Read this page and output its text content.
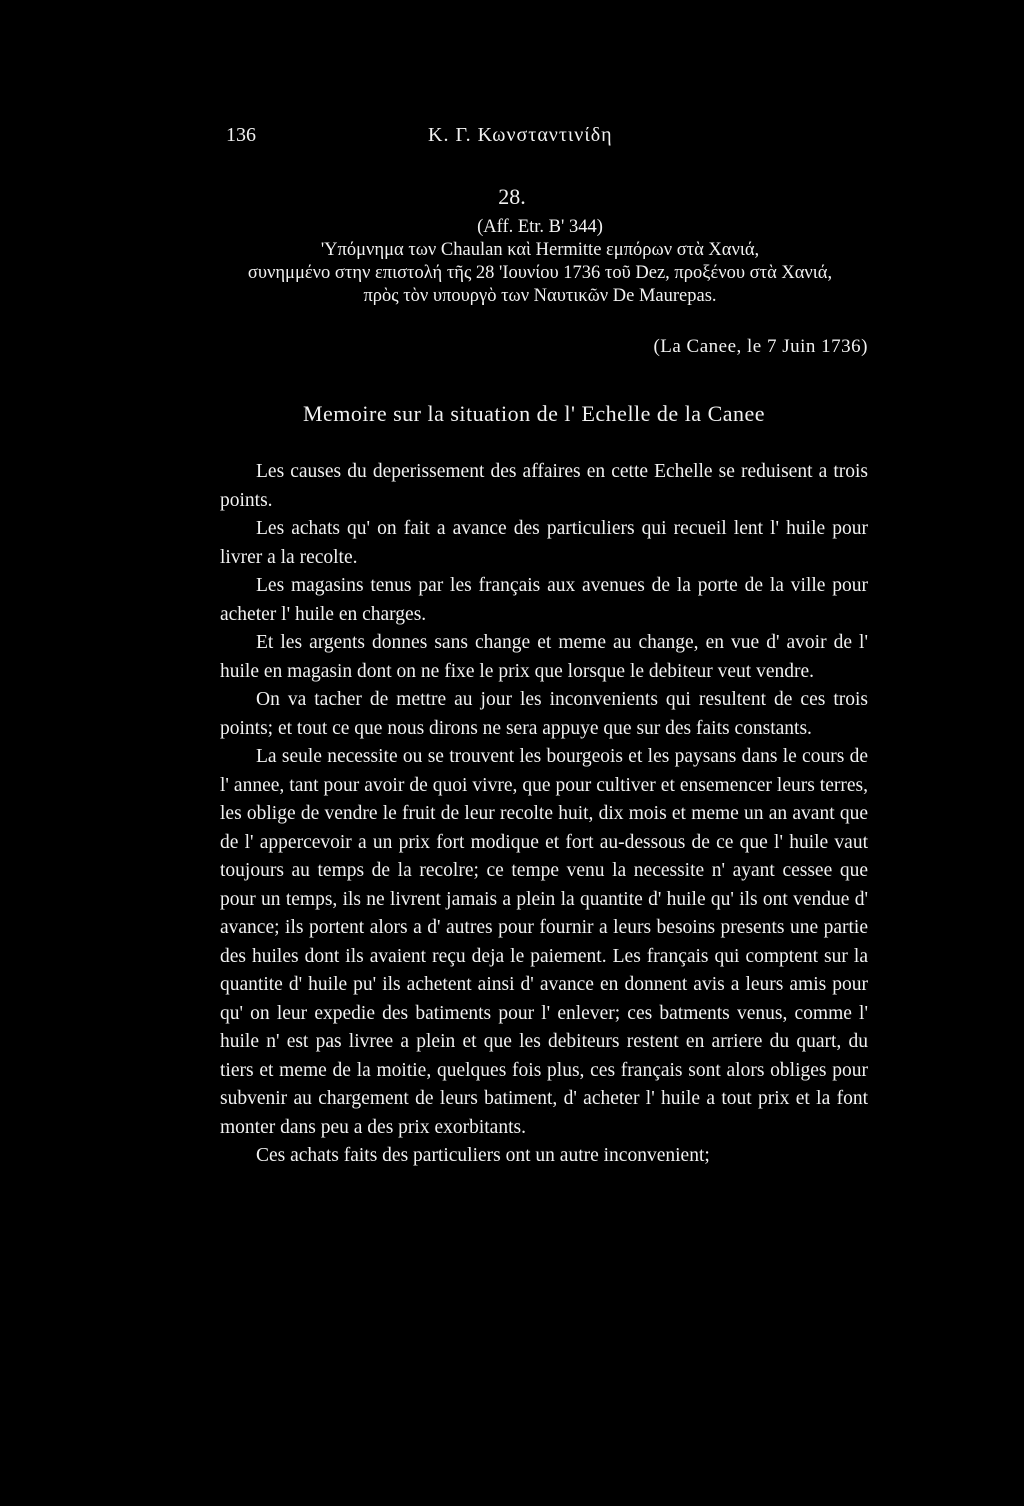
136	Κ. Γ. Κωνσταντινίδη
28.
(Aff. Etr. B' 344)
'Υπόμνημα των Chaulan καὶ Hermitte εμπόρων στὰ Χανιά,
συνημμένο στην επιστολή τῆς 28 'Ιουνίου 1736 τοῦ Dez, προξένου στὰ Χανιά,
πρὸς τὸν υπουργὸ των Ναυτικῶν De Maurepas.
(La Canee, le 7 Juin 1736)
Memoire sur la situation de l' Echelle de la Canee

Les causes du deperissement des affaires en cette Echelle se reduisent a trois points.

Les achats qu' on fait a avance des particuliers qui recueil lent l' huile pour livrer a la recolte.

Les magasins tenus par les français aux avenues de la porte de la ville pour acheter l' huile en charges.

Et les argents donnes sans change et meme au change, en vue d' avoir de l' huile en magasin dont on ne fixe le prix que lorsque le debiteur veut vendre.

On va tacher de mettre au jour les inconvenients qui resultent de ces trois points; et tout ce que nous dirons ne sera appuye que sur des faits constants.

La seule necessite ou se trouvent les bourgeois et les paysans dans le cours de l' annee, tant pour avoir de quoi vivre, que pour cultiver et ensemencer leurs terres, les oblige de vendre le fruit de leur recolte huit, dix mois et meme un an avant que de l' appercevoir a un prix fort modique et fort au-dessous de ce que l' huile vaut toujours au temps de la recolre; ce tempe venu la necessite n' ayant cessee que pour un temps, ils ne livrent jamais a plein la quantite d' huile qu' ils ont vendue d' avance; ils portent alors a d' autres pour fournir a leurs besoins presents une partie des huiles dont ils avaient reçu deja le paiement. Les français qui comptent sur la quantite d' huile pu' ils achetent ainsi d' avance en donnent avis a leurs amis pour qu' on leur expedie des batiments pour l' enlever; ces batments venus, comme l' huile n' est pas livree a plein et que les debiteurs restent en arriere du quart, du tiers et meme de la moitie, quelques fois plus, ces français sont alors obliges pour subvenir au chargement de leurs batiment, d' acheter l' huile a tout prix et la font monter dans peu a des prix exorbitants.

Ces achats faits des particuliers ont un autre inconvenient;
